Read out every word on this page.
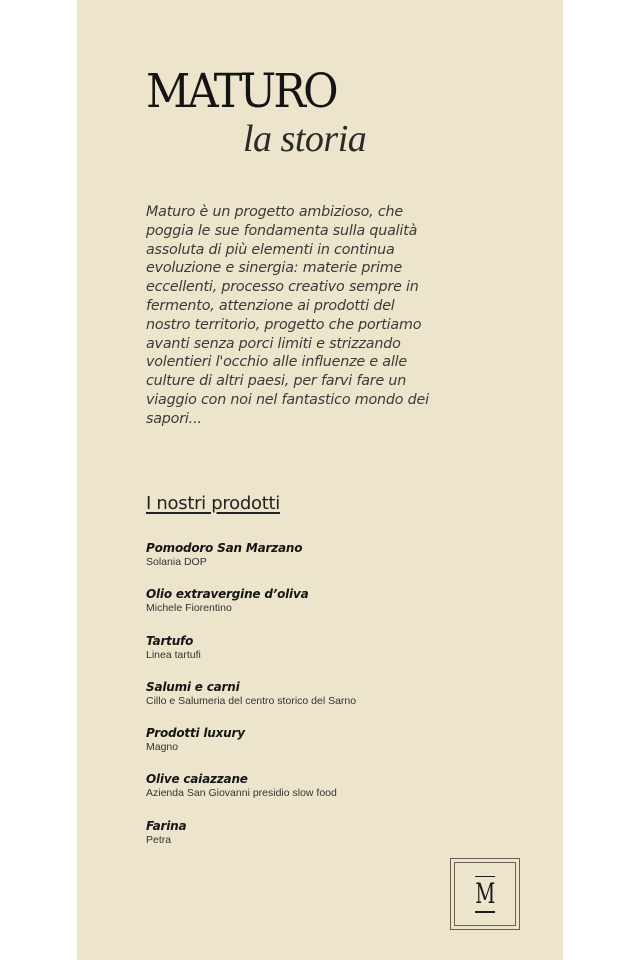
MATURO
la storia

Maturo è un progetto ambizioso, che poggia le sue fondamenta sulla qualità assoluta di più elementi in continua evoluzione e sinergia: materie prime eccellenti, processo creativo sempre in fermento, attenzione ai prodotti del nostro territorio, progetto che portiamo avanti senza porci limiti e strizzando volentieri l'occhio alle influenze e alle culture di altri paesi, per farvi fare un viaggio con noi nel fantastico mondo dei sapori...

I nostri prodotti
Pomodoro San Marzano
Solania DOP
Olio extravergine d’oliva
Michele Fiorentino
Tartufo
Linea tartufi
Salumi e carni
Cillo e Salumeria del centro storico del Sarno
Prodotti luxury
Magno
Olive caiazzane
Azienda San Giovanni presidio slow food
Farina
Petra
M
